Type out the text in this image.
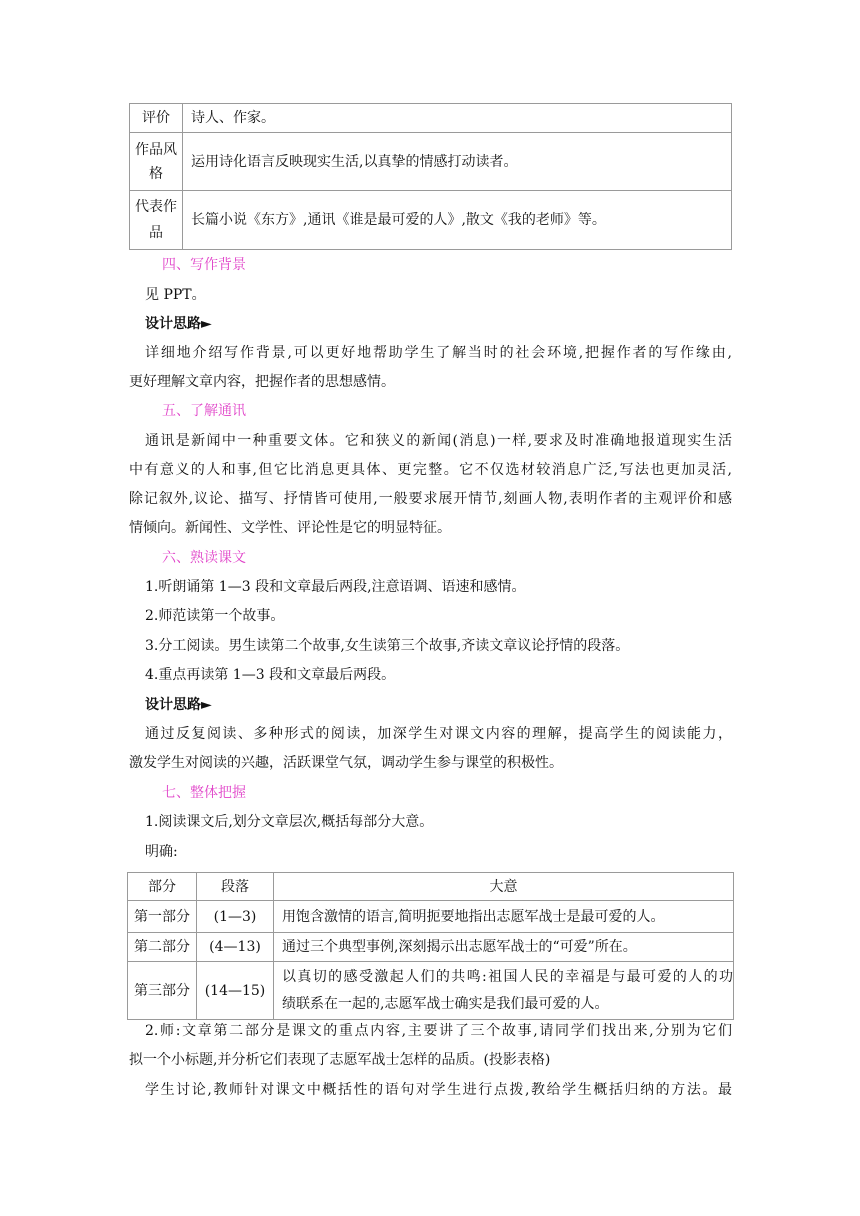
评价	诗人、作家。
作品风格	运用诗化语言反映现实生活,以真挚的情感打动读者。
代表作品	长篇小说《东方》,通讯《谁是最可爱的人》,散文《我的老师》等。
四、写作背景
见 PPT。
设计思路►
详细地介绍写作背景,可以更好地帮助学生了解当时的社会环境,把握作者的写作缘由,
更好理解文章内容，把握作者的思想感情。
五、了解通讯
通讯是新闻中一种重要文体。它和狭义的新闻(消息)一样,要求及时准确地报道现实生活
中有意义的人和事,但它比消息更具体、更完整。它不仅选材较消息广泛,写法也更加灵活,
除记叙外,议论、描写、抒情皆可使用,一般要求展开情节,刻画人物,表明作者的主观评价和感
情倾向。新闻性、文学性、评论性是它的明显特征。
六、熟读课文
1.听朗诵第 1—3 段和文章最后两段,注意语调、语速和感情。
2.师范读第一个故事。
3.分工阅读。男生读第二个故事,女生读第三个故事,齐读文章议论抒情的段落。
4.重点再读第 1—3 段和文章最后两段。
设计思路►
通过反复阅读、多种形式的阅读，加深学生对课文内容的理解，提高学生的阅读能力，
激发学生对阅读的兴趣，活跃课堂气氛，调动学生参与课堂的积极性。
七、整体把握
1.阅读课文后,划分文章层次,概括每部分大意。
明确:
部分	段落	大意
第一部分	(1—3)	用饱含激情的语言,简明扼要地指出志愿军战士是最可爱的人。
第二部分	(4—13)	通过三个典型事例,深刻揭示出志愿军战士的“可爱”所在。
第三部分	(14—15)	以真切的感受激起人们的共鸣:祖国人民的幸福是与最可爱的人的功
绩联系在一起的,志愿军战士确实是我们最可爱的人。
2.师:文章第二部分是课文的重点内容,主要讲了三个故事,请同学们找出来,分别为它们
拟一个小标题,并分析它们表现了志愿军战士怎样的品质。(投影表格)
学生讨论,教师针对课文中概括性的语句对学生进行点拨,教给学生概括归纳的方法。最
